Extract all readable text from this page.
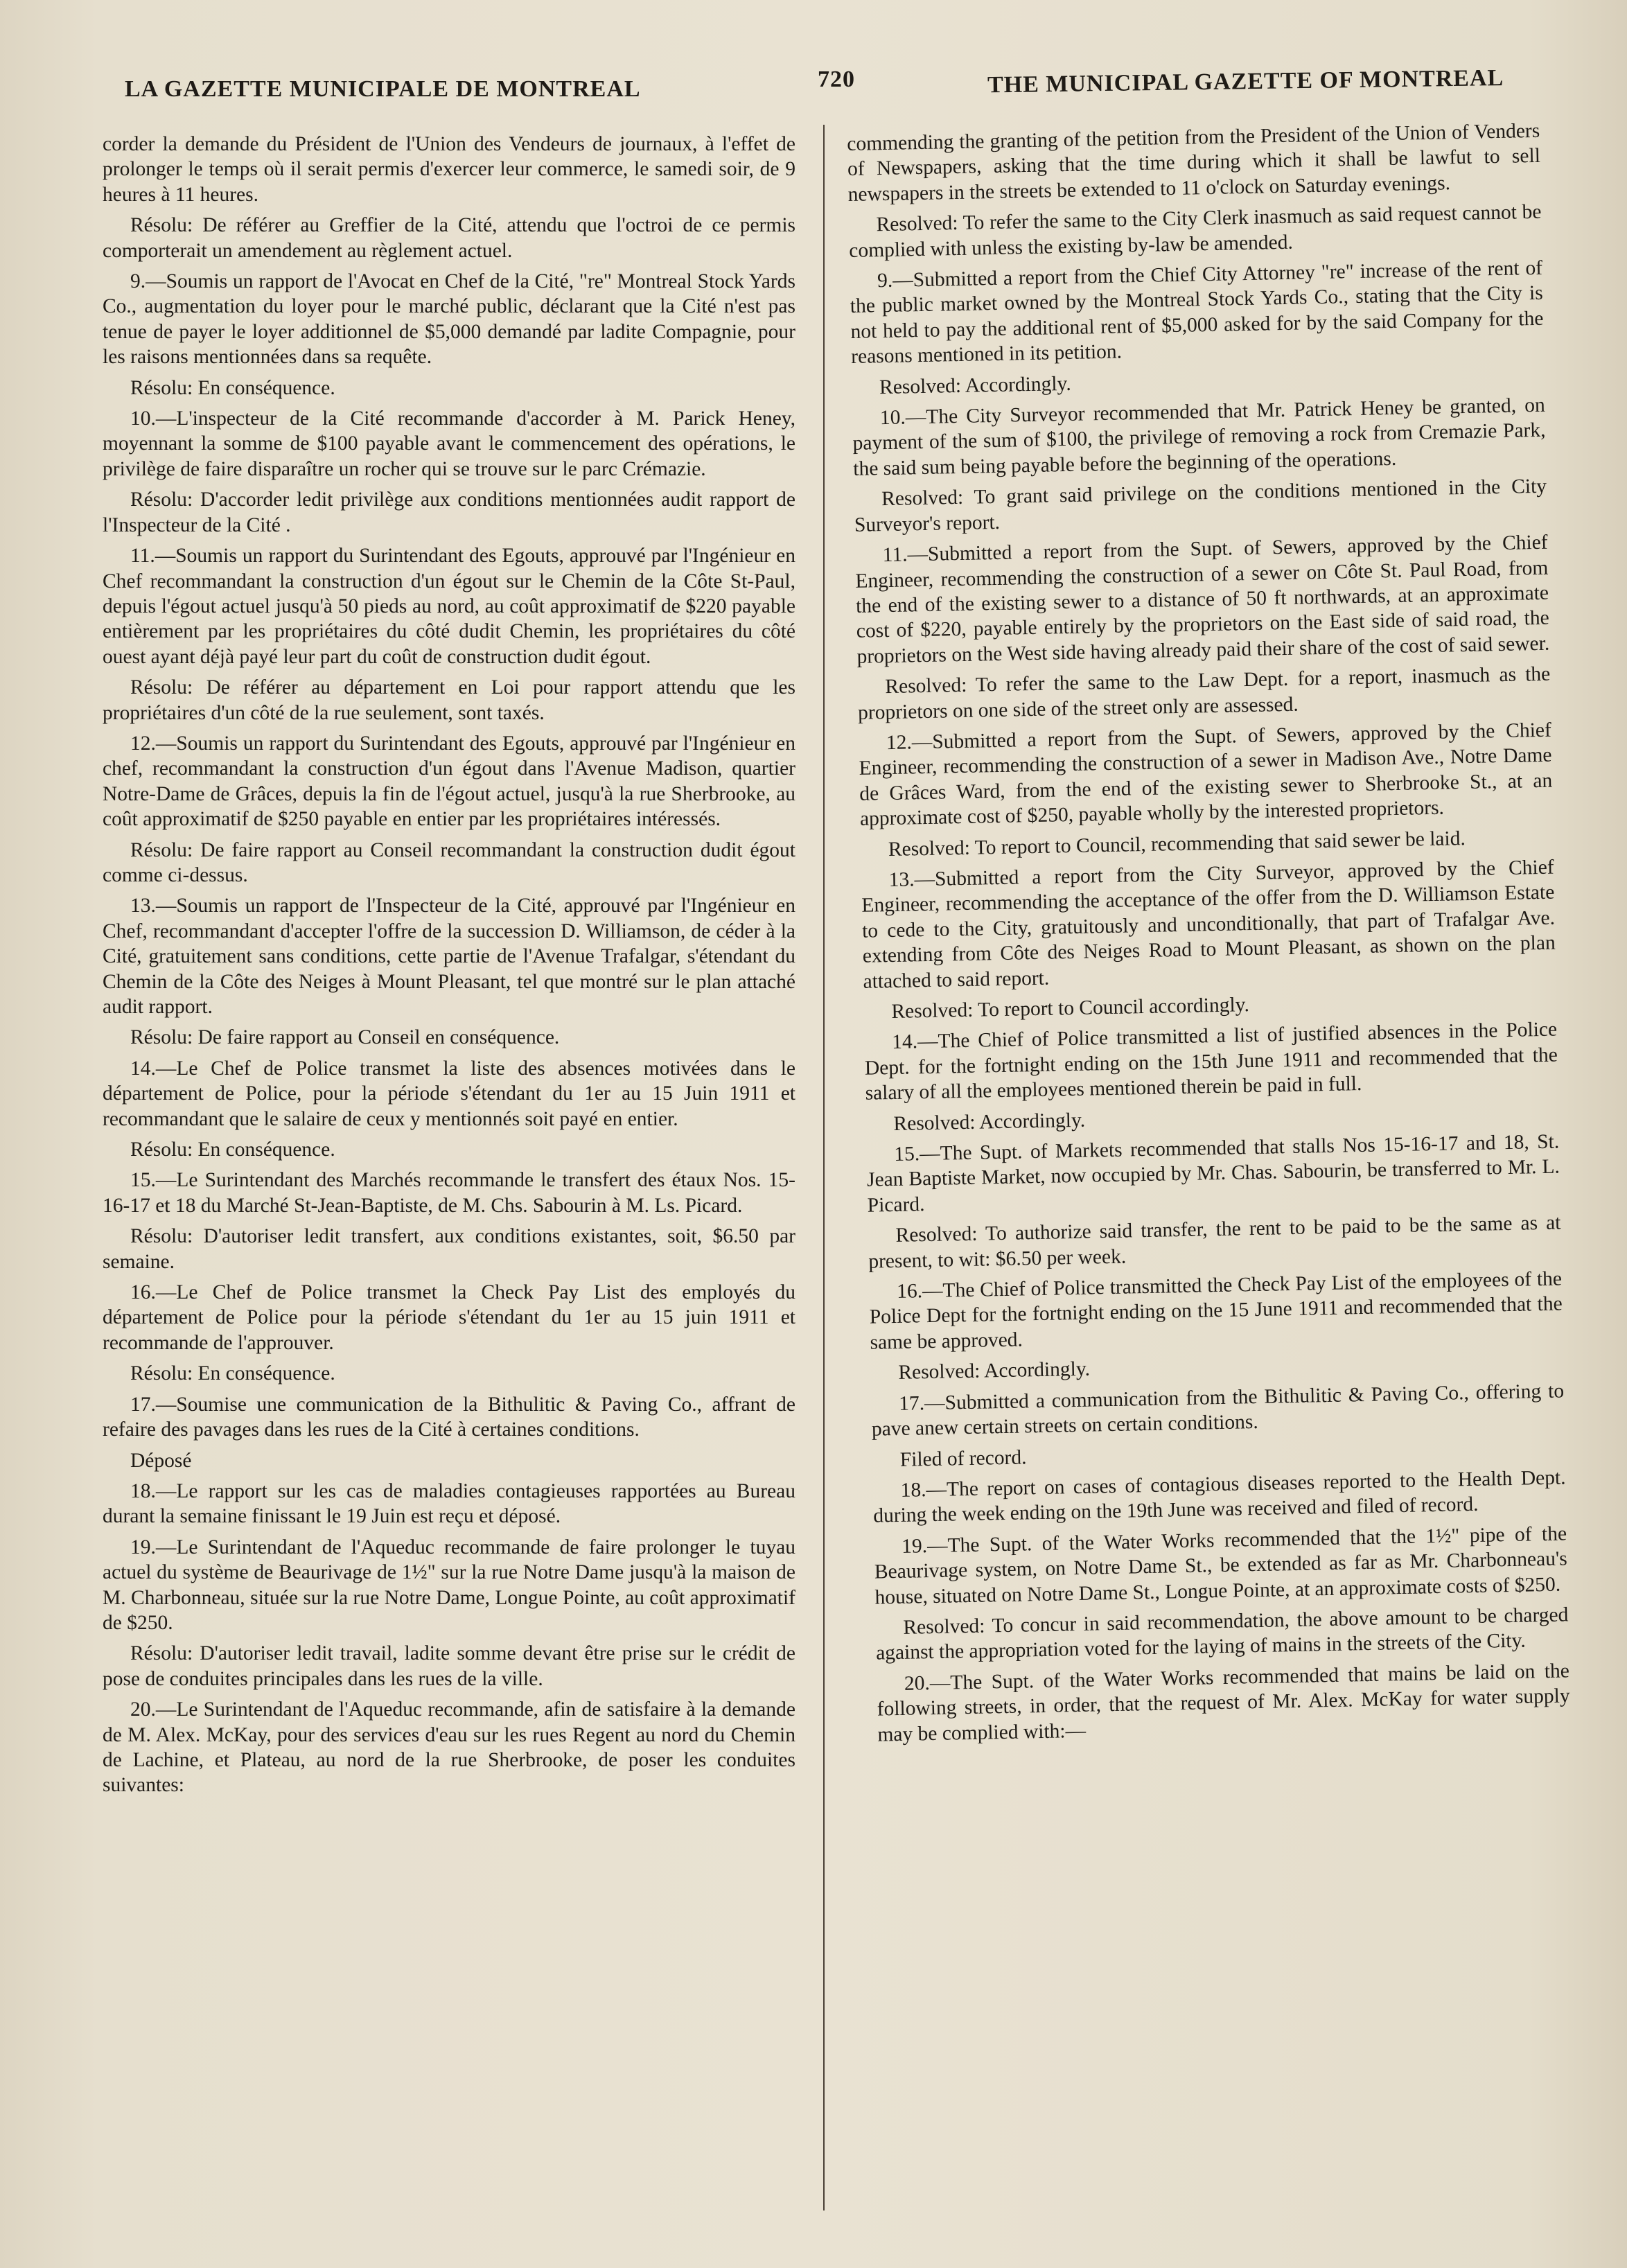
LA GAZETTE MUNICIPALE DE MONTREAL	720	THE MUNICIPAL GAZETTE OF MONTREAL

corder la demande du Président de l'Union des Vendeurs de journaux, à l'effet de prolonger le temps où il serait permis d'exercer leur commerce, le samedi soir, de 9 heures à 11 heures.

Résolu: De référer au Greffier de la Cité, attendu que l'octroi de ce permis comporterait un amendement au règlement actuel.

9.—Soumis un rapport de l'Avocat en Chef de la Cité, "re" Montreal Stock Yards Co., augmentation du loyer pour le marché public, déclarant que la Cité n'est pas tenue de payer le loyer additionnel de $5,000 demandé par ladite Compagnie, pour les raisons mentionnées dans sa requête.

Résolu: En conséquence.

10.—L'inspecteur de la Cité recommande d'accorder à M. Parick Heney, moyennant la somme de $100 payable avant le commencement des opérations, le privilège de faire disparaître un rocher qui se trouve sur le parc Crémazie.

Résolu: D'accorder ledit privilège aux conditions mentionnées audit rapport de l'Inspecteur de la Cité .

11.—Soumis un rapport du Surintendant des Egouts, approuvé par l'Ingénieur en Chef recommandant la construction d'un égout sur le Chemin de la Côte St-Paul, depuis l'égout actuel jusqu'à 50 pieds au nord, au coût approximatif de $220 payable entièrement par les propriétaires du côté dudit Chemin, les propriétaires du côté ouest ayant déjà payé leur part du coût de construction dudit égout.

Résolu: De référer au département en Loi pour rapport attendu que les propriétaires d'un côté de la rue seulement, sont taxés.

12.—Soumis un rapport du Surintendant des Egouts, approuvé par l'Ingénieur en chef, recommandant la construction d'un égout dans l'Avenue Madison, quartier Notre-Dame de Grâces, depuis la fin de l'égout actuel, jusqu'à la rue Sherbrooke, au coût approximatif de $250 payable en entier par les propriétaires intéressés.

Résolu: De faire rapport au Conseil recommandant la construction dudit égout comme ci-dessus.

13.—Soumis un rapport de l'Inspecteur de la Cité, approuvé par l'Ingénieur en Chef, recommandant d'accepter l'offre de la succession D. Williamson, de céder à la Cité, gratuitement sans conditions, cette partie de l'Avenue Trafalgar, s'étendant du Chemin de la Côte des Neiges à Mount Pleasant, tel que montré sur le plan attaché audit rapport.

Résolu: De faire rapport au Conseil en conséquence.

14.—Le Chef de Police transmet la liste des absences motivées dans le département de Police, pour la période s'étendant du 1er au 15 Juin 1911 et recommandant que le salaire de ceux y mentionnés soit payé en entier.

Résolu: En conséquence.

15.—Le Surintendant des Marchés recommande le transfert des étaux Nos. 15-16-17 et 18 du Marché St-Jean-Baptiste, de M. Chs. Sabourin à M. Ls. Picard.

Résolu: D'autoriser ledit transfert, aux conditions existantes, soit, $6.50 par semaine.

16.—Le Chef de Police transmet la Check Pay List des employés du département de Police pour la période s'étendant du 1er au 15 juin 1911 et recommande de l'approuver.

Résolu: En conséquence.

17.—Soumise une communication de la Bithulitic & Paving Co., affrant de refaire des pavages dans les rues de la Cité à certaines conditions.

Déposé

18.—Le rapport sur les cas de maladies contagieuses rapportées au Bureau durant la semaine finissant le 19 Juin est reçu et déposé.

19.—Le Surintendant de l'Aqueduc recommande de faire prolonger le tuyau actuel du système de Beaurivage de 1½" sur la rue Notre Dame jusqu'à la maison de M. Charbonneau, située sur la rue Notre Dame, Longue Pointe, au coût approximatif de $250.

Résolu: D'autoriser ledit travail, ladite somme devant être prise sur le crédit de pose de conduites principales dans les rues de la ville.

20.—Le Surintendant de l'Aqueduc recommande, afin de satisfaire à la demande de M. Alex. McKay, pour des services d'eau sur les rues Regent au nord du Chemin de Lachine, et Plateau, au nord de la rue Sherbrooke, de poser les conduites suivantes:

commending the granting of the petition from the President of the Union of Venders of Newspapers, asking that the time during which it shall be lawfut to sell newspapers in the streets be extended to 11 o'clock on Saturday evenings.

Resolved: To refer the same to the City Clerk inasmuch as said request cannot be complied with unless the existing by-law be amended.

9.—Submitted a report from the Chief City Attorney "re" increase of the rent of the public market owned by the Montreal Stock Yards Co., stating that the City is not held to pay the additional rent of $5,000 asked for by the said Company for the reasons mentioned in its petition.

Resolved: Accordingly.

10.—The City Surveyor recommended that Mr. Patrick Heney be granted, on payment of the sum of $100, the privilege of removing a rock from Cremazie Park, the said sum being payable before the beginning of the operations.

Resolved: To grant said privilege on the conditions mentioned in the City Surveyor's report.

11.—Submitted a report from the Supt. of Sewers, approved by the Chief Engineer, recommending the construction of a sewer on Côte St. Paul Road, from the end of the existing sewer to a distance of 50 ft northwards, at an approximate cost of $220, payable entirely by the proprietors on the East side of said road, the proprietors on the West side having already paid their share of the cost of said sewer.

Resolved: To refer the same to the Law Dept. for a report, inasmuch as the proprietors on one side of the street only are assessed.

12.—Submitted a report from the Supt. of Sewers, approved by the Chief Engineer, recommending the construction of a sewer in Madison Ave., Notre Dame de Grâces Ward, from the end of the existing sewer to Sherbrooke St., at an approximate cost of $250, payable wholly by the interested proprietors.

Resolved: To report to Council, recommending that said sewer be laid.

13.—Submitted a report from the City Surveyor, approved by the Chief Engineer, recommending the acceptance of the offer from the D. Williamson Estate to cede to the City, gratuitously and unconditionally, that part of Trafalgar Ave. extending from Côte des Neiges Road to Mount Pleasant, as shown on the plan attached to said report.

Resolved: To report to Council accordingly.

14.—The Chief of Police transmitted a list of justified absences in the Police Dept. for the fortnight ending on the 15th June 1911 and recommended that the salary of all the employees mentioned therein be paid in full.

Resolved: Accordingly.

15.—The Supt. of Markets recommended that stalls Nos 15-16-17 and 18, St. Jean Baptiste Market, now occupied by Mr. Chas. Sabourin, be transferred to Mr. L. Picard.

Resolved: To authorize said transfer, the rent to be paid to be the same as at present, to wit: $6.50 per week.

16.—The Chief of Police transmitted the Check Pay List of the employees of the Police Dept for the fortnight ending on the 15 June 1911 and recommended that the same be approved.

Resolved: Accordingly.

17.—Submitted a communication from the Bithulitic & Paving Co., offering to pave anew certain streets on certain conditions.

Filed of record.

18.—The report on cases of contagious diseases reported to the Health Dept. during the week ending on the 19th June was received and filed of record.

19.—The Supt. of the Water Works recommended that the 1½" pipe of the Beaurivage system, on Notre Dame St., be extended as far as Mr. Charbonneau's house, situated on Notre Dame St., Longue Pointe, at an approximate costs of $250.

Resolved: To concur in said recommendation, the above amount to be charged against the appropriation voted for the laying of mains in the streets of the City.

20.—The Supt. of the Water Works recommended that mains be laid on the following streets, in order, that the request of Mr. Alex. McKay for water supply may be complied with:—
